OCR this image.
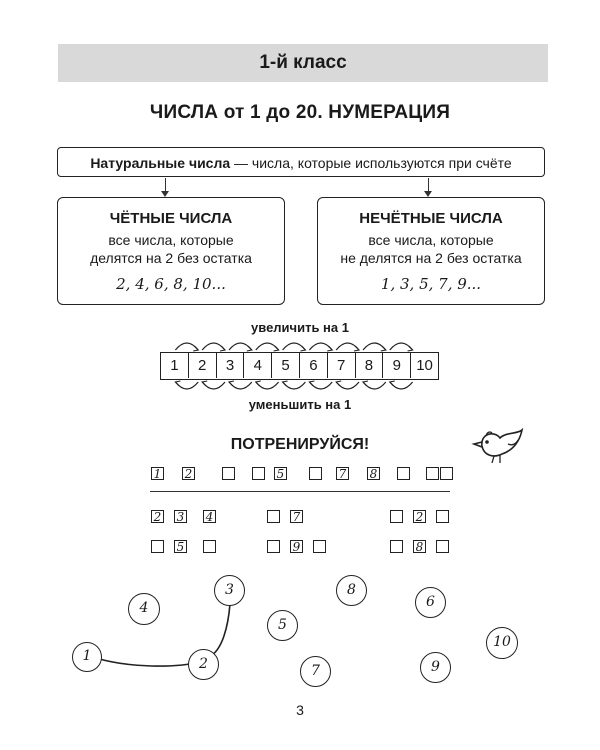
1-й класс
ЧИСЛА от 1 до 20. НУМЕРАЦИЯ
Натуральные числа — числа, которые используются при счёте
ЧЁТНЫЕ ЧИСЛА
все числа, которые
делятся на 2 без остатка
2, 4, 6, 8, 10...
НЕЧЁТНЫЕ ЧИСЛА
все числа, которые
не делятся на 2 без остатка
1, 3, 5, 7, 9...
увеличить на 1
1	2	3	4	5	6	7	8	9	10
уменьшить на 1
ПОТРЕНИРУЙСЯ!
1 2	5	7 8
2 3 4	7	2
5	9	8
1	2
3
4
5
6
7
8
9
10
3
